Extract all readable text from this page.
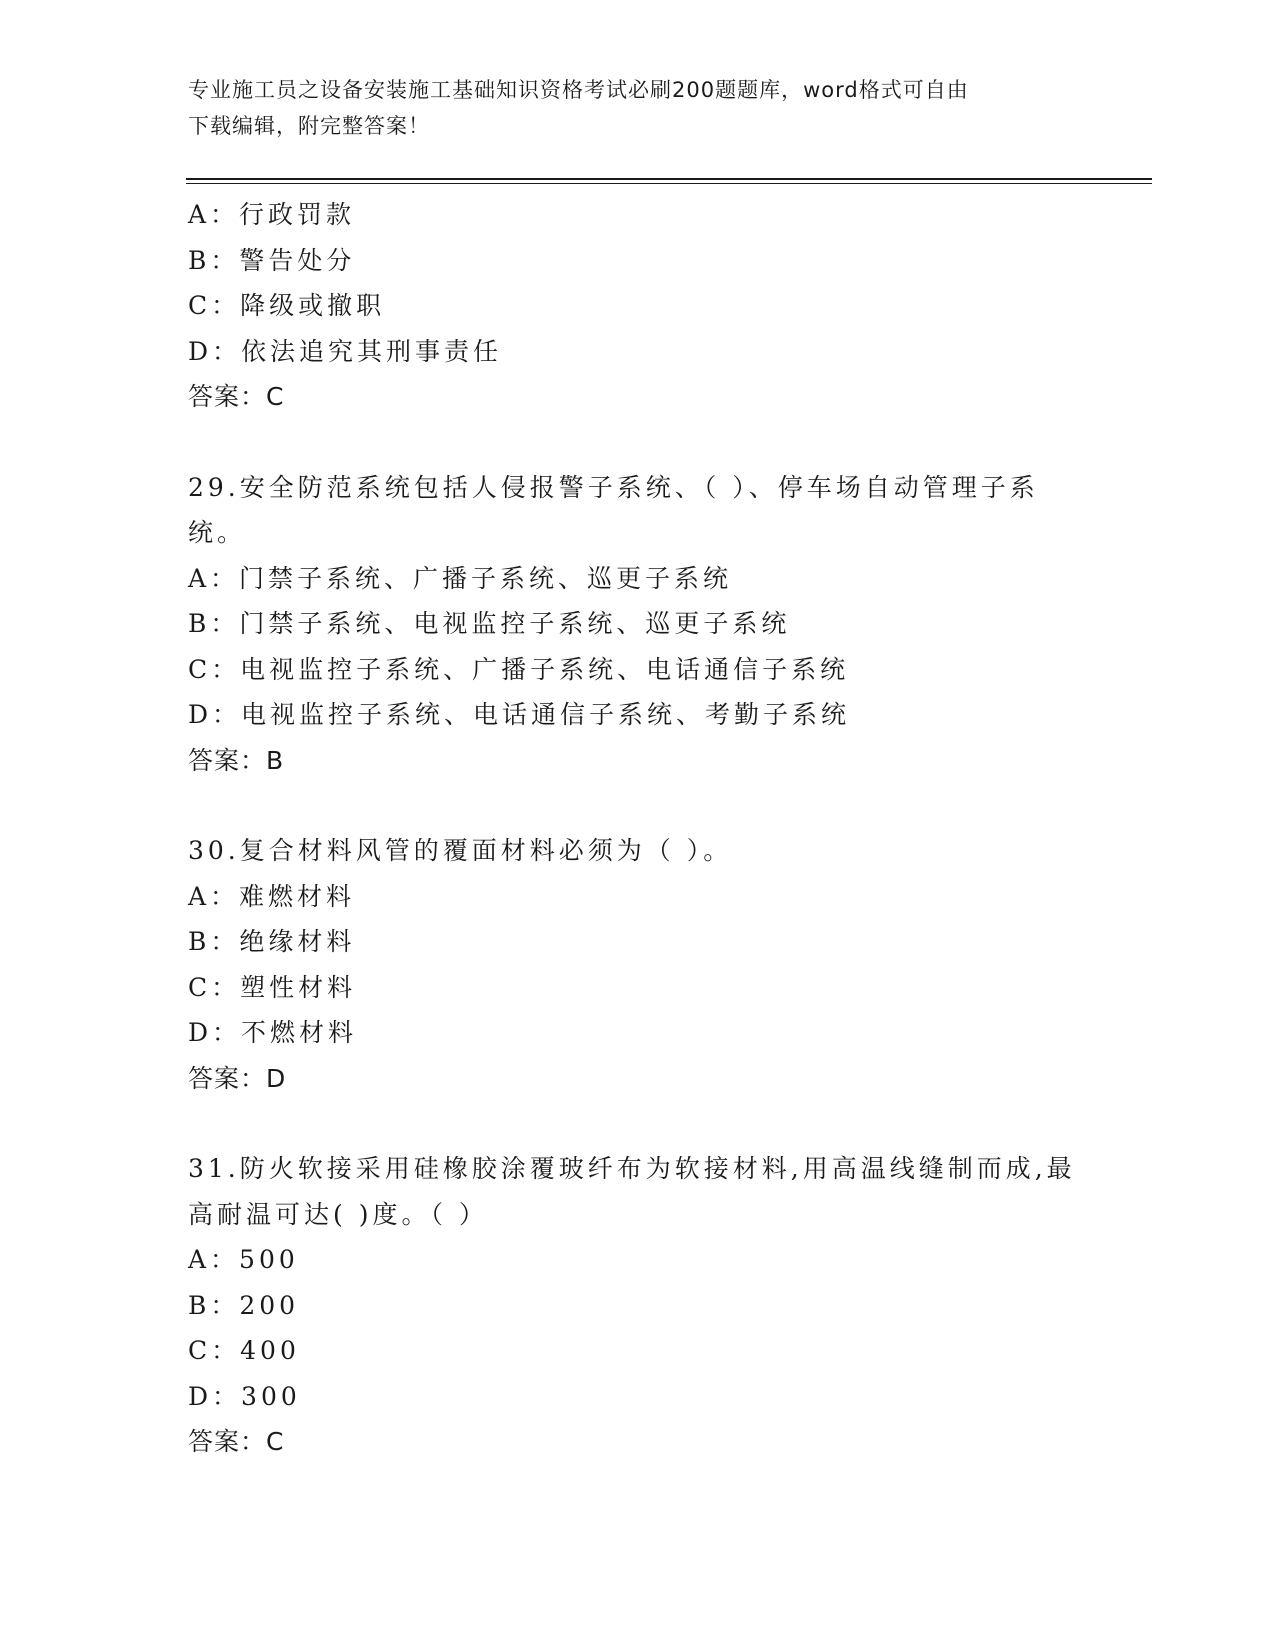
专业施工员之设备安装施工基础知识资格考试必刷200题题库，word格式可自由
下载编辑，附完整答案！
A：行政罚款
B：警告处分
C：降级或撤职
D：依法追究其刑事责任
答案：C
29.安全防范系统包括人侵报警子系统、（ ）、停车场自动管理子系
统。
A：门禁子系统、广播子系统、巡更子系统
B：门禁子系统、电视监控子系统、巡更子系统
C：电视监控子系统、广播子系统、电话通信子系统
D：电视监控子系统、电话通信子系统、考勤子系统
答案：B
30.复合材料风管的覆面材料必须为（ ）。
A：难燃材料
B：绝缘材料
C：塑性材料
D：不燃材料
答案：D
31.防火软接采用硅橡胶涂覆玻纤布为软接材料,用高温线缝制而成,最
高耐温可达( )度。（ ）
A：500
B：200
C：400
D：300
答案：C
